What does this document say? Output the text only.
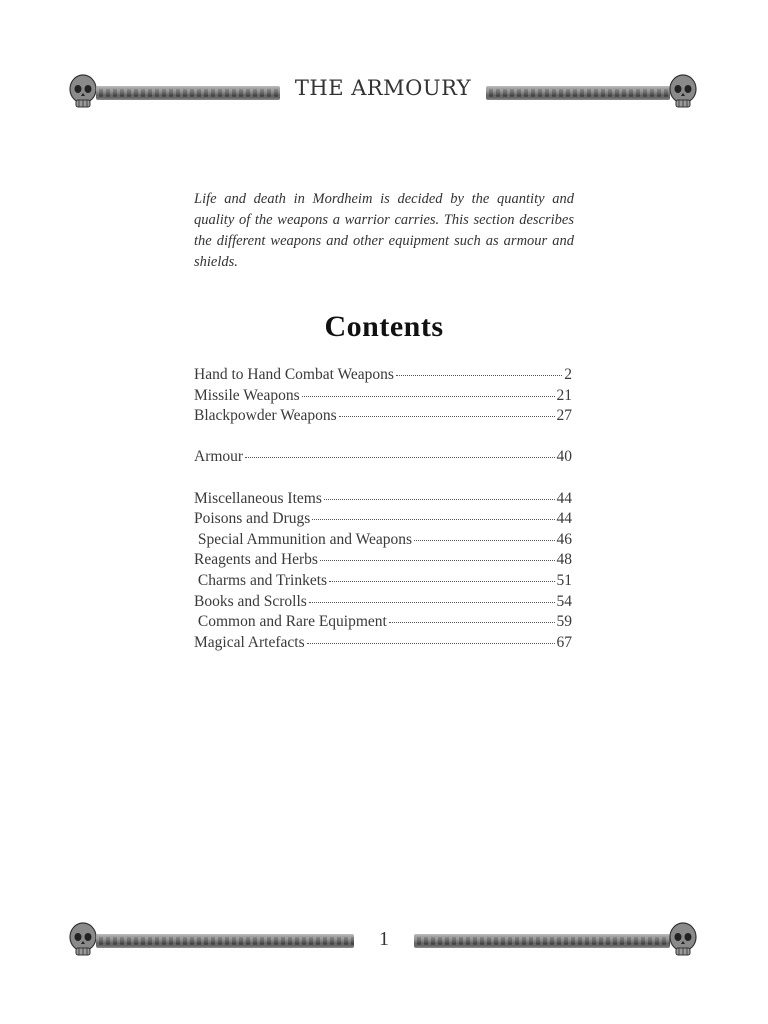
THE ARMOURY

Life and death in Mordheim is decided by the quantity and quality of the weapons a warrior carries. This section describes the different weapons and other equipment such as armour and shields.

Contents
Hand to Hand Combat Weapons	2
Missile Weapons	21
Blackpowder Weapons	27
Armour	40
Miscellaneous Items	44
Poisons and Drugs	44
Special Ammunition and Weapons	46
Reagents and Herbs	48
Charms and Trinkets	51
Books and Scrolls	54
Common and Rare Equipment	59
Magical Artefacts	67
1
